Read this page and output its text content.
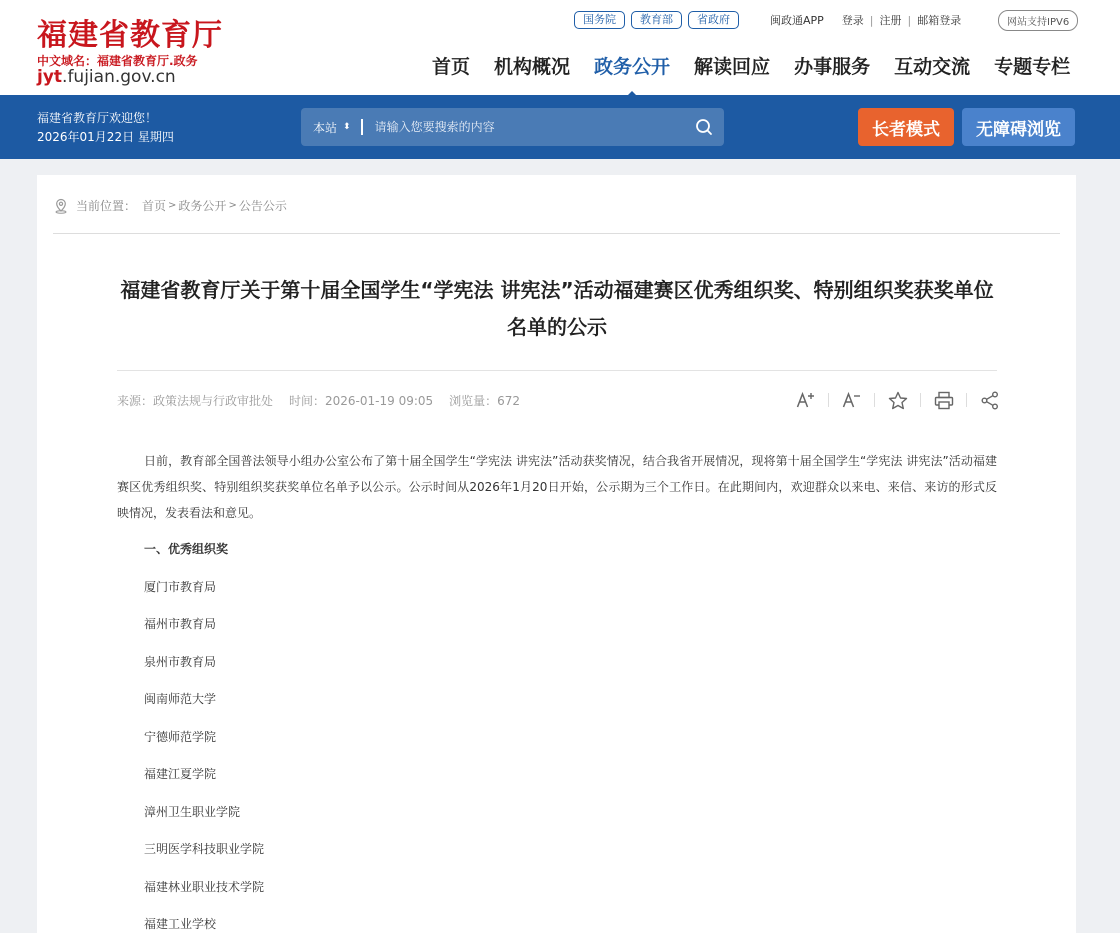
福建省教育厅
中文域名：福建省教育厅.政务
jyt.fujian.gov.cn
国务院	教育部	省政府	闽政通APP 登录 | 注册 | 邮箱登录	网站支持IPV6
首页	机构概况	政务公开	解读回应	办事服务	互动交流	专题专栏
福建省教育厅欢迎您！
2026年01月22日 星期四
本站 ⬍
请输入您要搜索的内容	长者模式	无障碍浏览
当前位置： 首页 > 政务公开 > 公告公示
福建省教育厅关于第十届全国学生“学宪法 讲宪法”活动福建赛区优秀组织奖、特别组织奖获奖单位名单的公示
来源：政策法规与行政审批处 时间：2026-01-19 09:05 浏览量：672

日前，教育部全国普法领导小组办公室公布了第十届全国学生“学宪法 讲宪法”活动获奖情况，结合我省开展情况，现将第十届全国学生“学宪法 讲宪法”活动福建赛区优秀组织奖、特别组织奖获奖单位名单予以公示。公示时间从2026年1月20日开始，公示期为三个工作日。在此期间内，欢迎群众以来电、来信、来访的形式反映情况，发表看法和意见。

一、优秀组织奖

厦门市教育局

福州市教育局

泉州市教育局

闽南师范大学

宁德师范学院

福建江夏学院

漳州卫生职业学院

三明医学科技职业学院

福建林业职业技术学院

福建工业学校
